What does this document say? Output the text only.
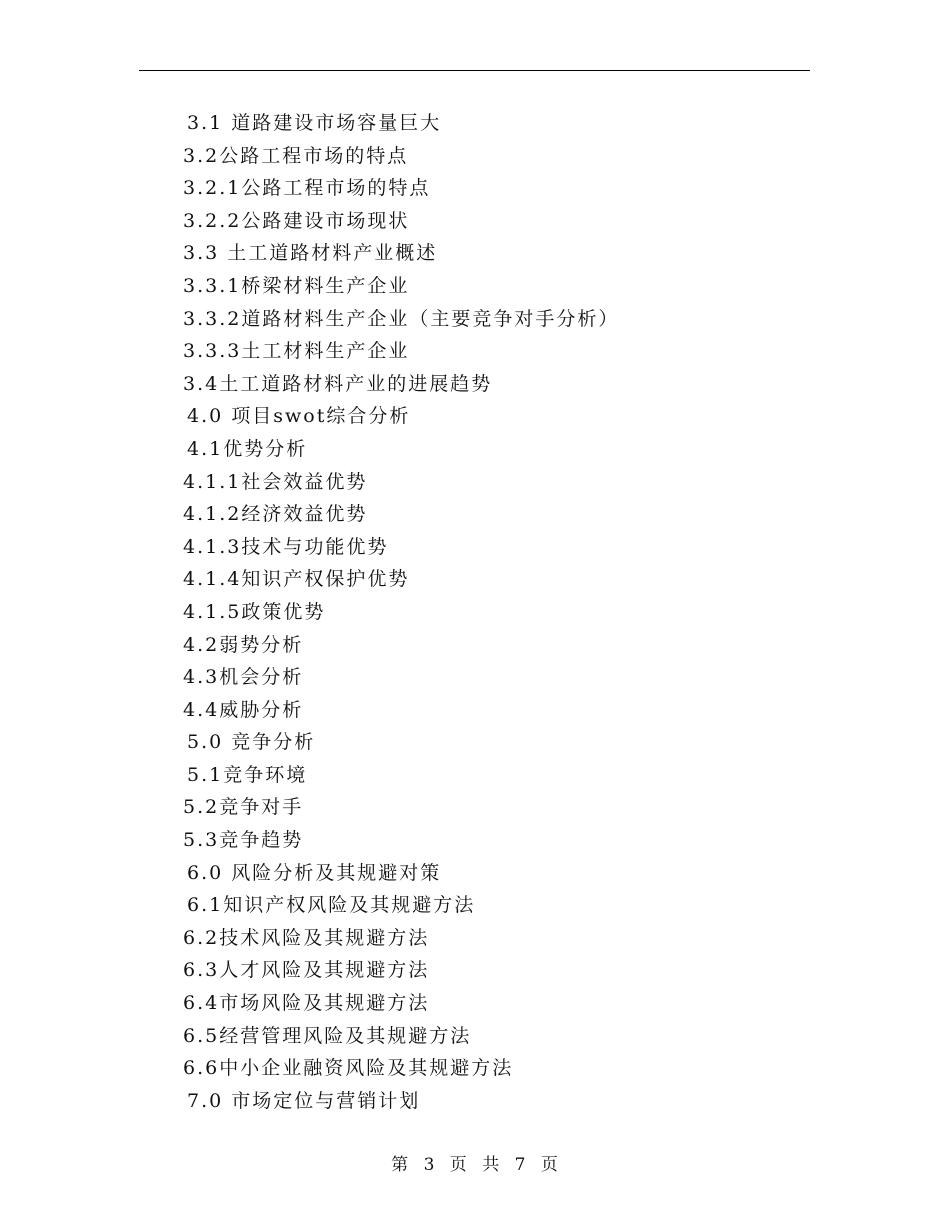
3.1 道路建设市场容量巨大
3.2公路工程市场的特点
3.2.1公路工程市场的特点
3.2.2公路建设市场现状
3.3 土工道路材料产业概述
3.3.1桥梁材料生产企业
3.3.2道路材料生产企业（主要竞争对手分析）
3.3.3土工材料生产企业
3.4土工道路材料产业的进展趋势
4.0 项目swot综合分析
4.1优势分析
4.1.1社会效益优势
4.1.2经济效益优势
4.1.3技术与功能优势
4.1.4知识产权保护优势
4.1.5政策优势
4.2弱势分析
4.3机会分析
4.4威胁分析
5.0 竞争分析
5.1竞争环境
5.2竞争对手
5.3竞争趋势
6.0 风险分析及其规避对策
6.1知识产权风险及其规避方法
6.2技术风险及其规避方法
6.3人才风险及其规避方法
6.4市场风险及其规避方法
6.5经营管理风险及其规避方法
6.6中小企业融资风险及其规避方法
7.0 市场定位与营销计划
第 3 页 共 7 页
